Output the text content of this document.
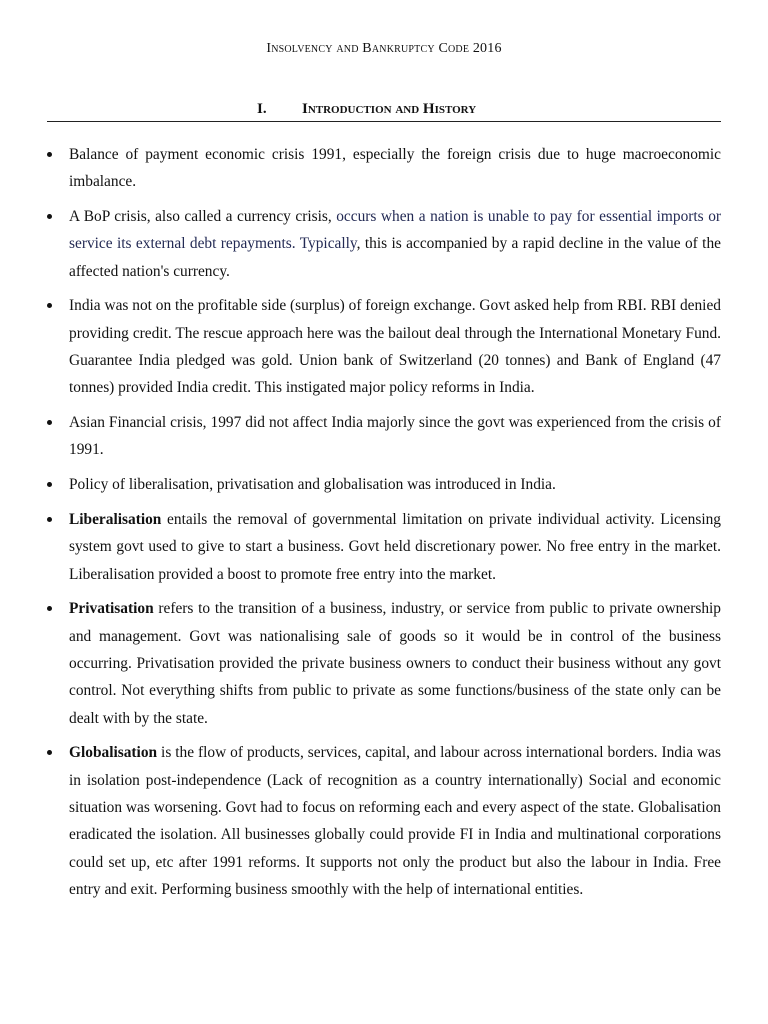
Insolvency and Bankruptcy Code 2016
I. Introduction and History
Balance of payment economic crisis 1991, especially the foreign crisis due to huge macroeconomic imbalance.
A BoP crisis, also called a currency crisis, occurs when a nation is unable to pay for essential imports or service its external debt repayments. Typically, this is accompanied by a rapid decline in the value of the affected nation's currency.
India was not on the profitable side (surplus) of foreign exchange. Govt asked help from RBI. RBI denied providing credit. The rescue approach here was the bailout deal through the International Monetary Fund. Guarantee India pledged was gold. Union bank of Switzerland (20 tonnes) and Bank of England (47 tonnes) provided India credit. This instigated major policy reforms in India.
Asian Financial crisis, 1997 did not affect India majorly since the govt was experienced from the crisis of 1991.
Policy of liberalisation, privatisation and globalisation was introduced in India.
Liberalisation entails the removal of governmental limitation on private individual activity. Licensing system govt used to give to start a business. Govt held discretionary power. No free entry in the market. Liberalisation provided a boost to promote free entry into the market.
Privatisation refers to the transition of a business, industry, or service from public to private ownership and management. Govt was nationalising sale of goods so it would be in control of the business occurring. Privatisation provided the private business owners to conduct their business without any govt control. Not everything shifts from public to private as some functions/business of the state only can be dealt with by the state.
Globalisation is the flow of products, services, capital, and labour across international borders. India was in isolation post-independence (Lack of recognition as a country internationally) Social and economic situation was worsening. Govt had to focus on reforming each and every aspect of the state. Globalisation eradicated the isolation. All businesses globally could provide FI in India and multinational corporations could set up, etc after 1991 reforms. It supports not only the product but also the labour in India. Free entry and exit. Performing business smoothly with the help of international entities.
